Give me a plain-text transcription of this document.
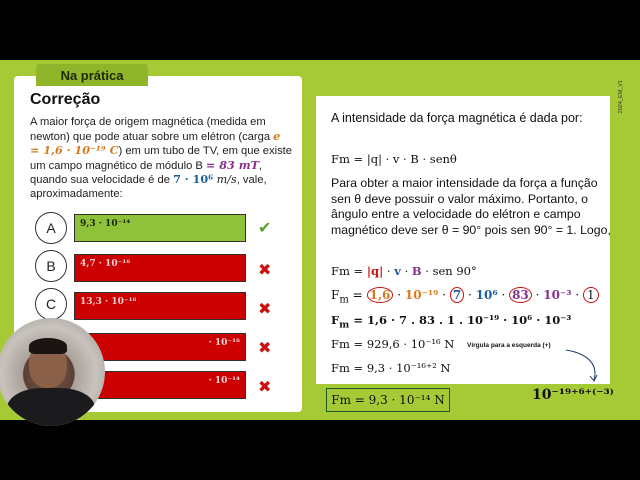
Na prática
Correção	2024_EM_V1
A maior força de origem magnética (medida em newton) que pode atuar sobre um elétron (carga e = 1,6 · 10⁻¹⁹ C) em um tubo de TV, em que existe um campo magnético de módulo B = 83 mT, quando sua velocidade é de 7 · 10⁶ m/s, vale, aproximadamente:
A	9,3 · 10⁻¹⁴	✔
B	4,7 · 10⁻¹⁶	✖
C	13,3 · 10⁻¹⁶	✖
· 10⁻¹⁶	✖
· 10⁻¹⁴	✖
A intensidade da força magnética é dada por:
Fm = |q| · v · B · senθ
Para obter a maior intensidade da força a função sen θ deve possuir o valor máximo. Portanto, o ângulo entre a velocidade do elétron e campo magnético deve ser θ = 90° pois sen 90° = 1. Logo,
Fm = |q| · v · B · sen 90°
$F_m = 1,6 \cdot 10^{-19} \cdot 7 \cdot 10^6 \cdot 83 \cdot 10^{-3} \cdot 1$
$F_m = 1,6 \cdot 7$ . 83 . 1 . 10⁻¹⁹ · 10⁶ · 10⁻³
Fm = 929,6 · 10⁻¹⁶ N	Vírgula para a esquerda (+)
Fm = 9,3 · 10⁻¹⁶⁺² N
Fm = 9,3 · 10⁻¹⁴ N	10⁻¹⁹⁺⁶⁺⁽⁻³⁾
